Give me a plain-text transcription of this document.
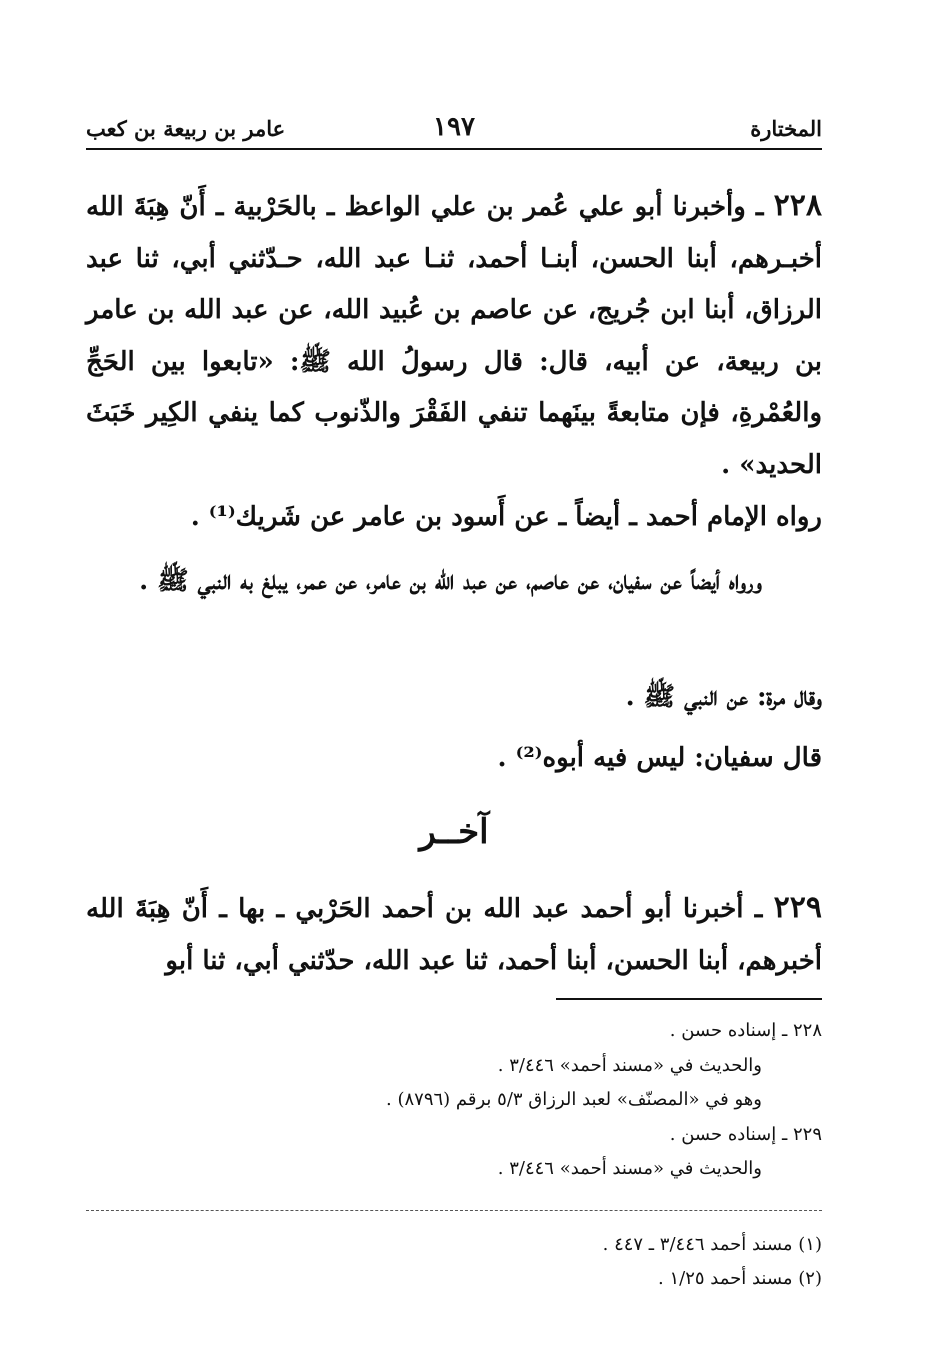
المختارة
١٩٧
عامر بن ربيعة بن كعب
٢٢٨ ـ وأخبرنا أبو علي عُمر بن علي الواعظ ـ بالحَرْبية ـ أَنّ هِبَةَ الله أخبـرهم، أبنا الحسن، أبنـا أحمد، ثنـا عبد الله، حـدّثني أبي، ثنا عبد الرزاق، أبنا ابن جُريج، عن عاصم بن عُبيد الله، عن عبد الله بن عامر بن ربيعة، عن أبيه، قال: قال رسولُ الله ﷺ: «تابعوا بين الحَجِّ والعُمْرةِ، فإن متابعةً بينَهما تنفي الفَقْرَ والذّنوب كما ينفي الكِير خَبَثَ الحديد» .
رواه الإمام أحمد ـ أيضاً ـ عن أَسود بن عامر عن شَريك⁽¹⁾ .
ورواه أيضاً عن سفيان، عن عاصم، عن عبد الله بن عامر، عن عمر، يبلغ به النبي ﷺ .
وقال مرة: عن النبي ﷺ .
قال سفيان: ليس فيه أبوه⁽²⁾ .
آخــر
٢٢٩ ـ أخبرنا أبو أحمد عبد الله بن أحمد الحَرْبي ـ بها ـ أَنّ هِبَةَ الله أخبرهم، أبنا الحسن، أبنا أحمد، ثنا عبد الله، حدّثني أبي، ثنا أبو
٢٢٨ ـ إسناده حسن .
والحديث في «مسند أحمد» ٣/٤٤٦ .
وهو في «المصنّف» لعبد الرزاق ٥/٣ برقم (٨٧٩٦) .
٢٢٩ ـ إسناده حسن .
والحديث في «مسند أحمد» ٣/٤٤٦ .
(١) مسند أحمد ٣/٤٤٦ ـ ٤٤٧ .
(٢) مسند أحمد ١/٢٥ .
